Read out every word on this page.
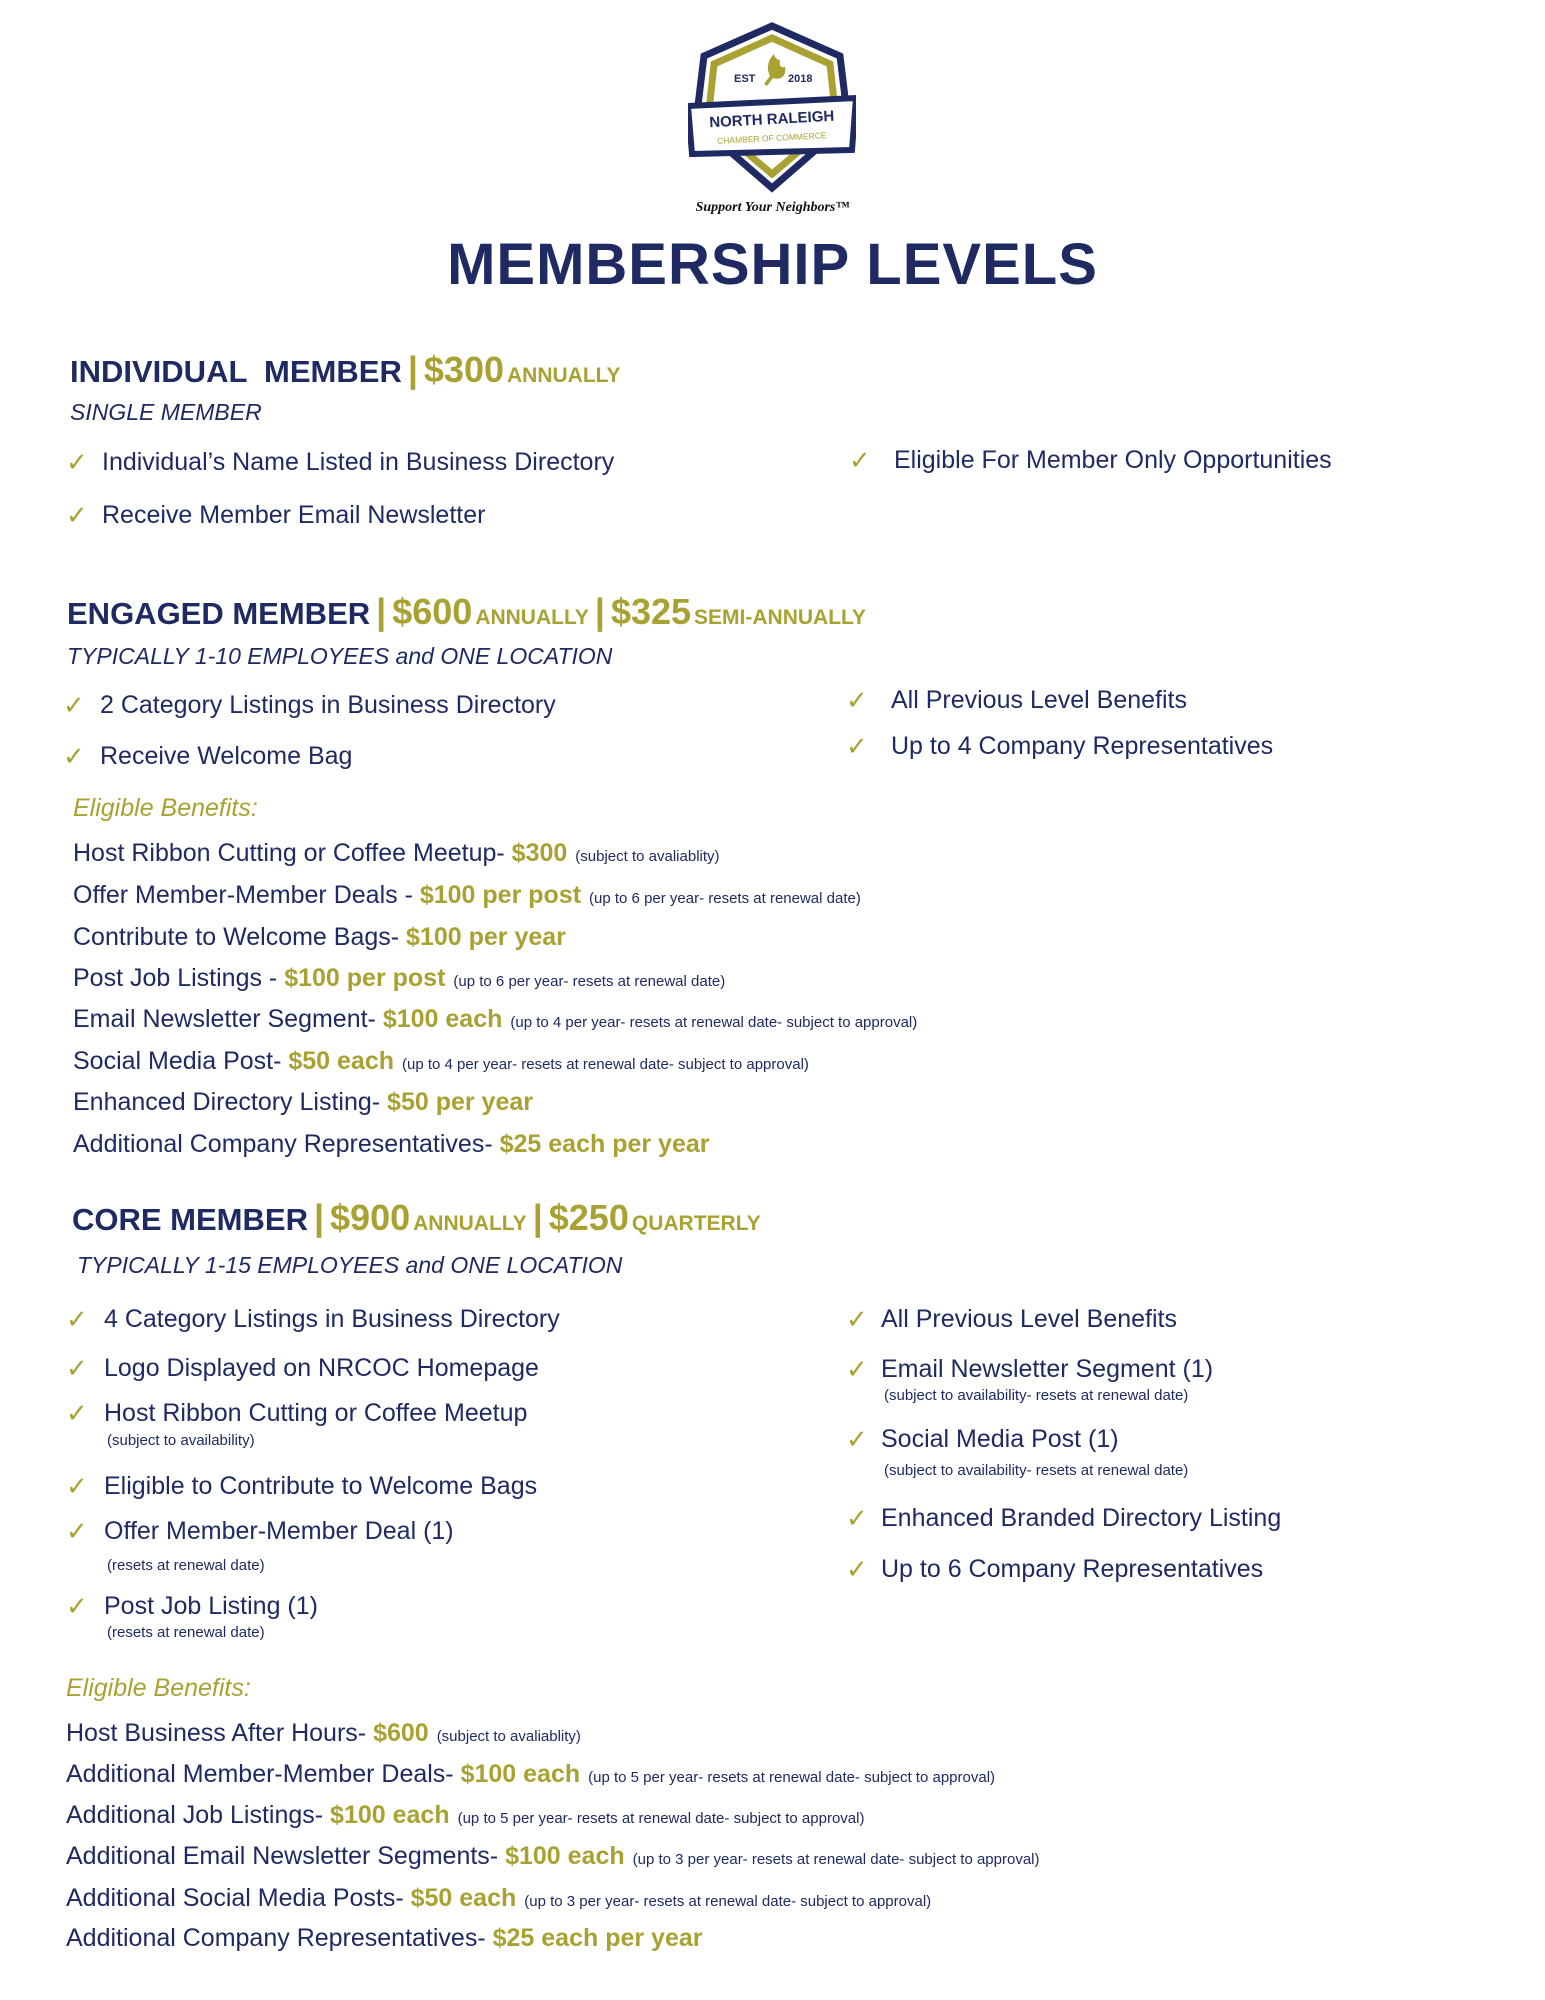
EST	2018
NORTH RALEIGH
CHAMBER OF COMMERCE
Support Your Neighbors™
MEMBERSHIP LEVELS
INDIVIDUAL  MEMBER | $300 ANNUALLY
SINGLE MEMBER
✓ Individual’s Name Listed in Business Directory
✓ Receive Member Email Newsletter
✓ Eligible For Member Only Opportunities
ENGAGED MEMBER | $600 ANNUALLY | $325 SEMI-ANNUALLY
TYPICALLY 1-10 EMPLOYEES and ONE LOCATION
✓ 2 Category Listings in Business Directory
✓ Receive Welcome Bag
✓ All Previous Level Benefits
✓ Up to 4 Company Representatives
Eligible Benefits:
Host Ribbon Cutting or Coffee Meetup- $300 (subject to avaliablity)
Offer Member-Member Deals - $100 per post (up to 6 per year- resets at renewal date)
Contribute to Welcome Bags- $100 per year
Post Job Listings - $100 per post (up to 6 per year- resets at renewal date)
Email Newsletter Segment- $100 each (up to 4 per year- resets at renewal date- subject to approval)
Social Media Post- $50 each (up to 4 per year- resets at renewal date- subject to approval)
Enhanced Directory Listing- $50 per year
Additional Company Representatives- $25 each per year
CORE MEMBER | $900 ANNUALLY | $250 QUARTERLY
TYPICALLY 1-15 EMPLOYEES and ONE LOCATION
✓ 4 Category Listings in Business Directory
✓ Logo Displayed on NRCOC Homepage
✓ Host Ribbon Cutting or Coffee Meetup
(subject to availability)
✓ Eligible to Contribute to Welcome Bags
✓ Offer Member-Member Deal (1)
(resets at renewal date)
✓ Post Job Listing (1)
(resets at renewal date)
✓ All Previous Level Benefits
✓ Email Newsletter Segment (1)
(subject to availability- resets at renewal date)
✓ Social Media Post (1)
(subject to availability- resets at renewal date)
✓ Enhanced Branded Directory Listing
✓ Up to 6 Company Representatives
Eligible Benefits:
Host Business After Hours- $600 (subject to avaliablity)
Additional Member-Member Deals- $100 each (up to 5 per year- resets at renewal date- subject to approval)
Additional Job Listings- $100 each (up to 5 per year- resets at renewal date- subject to approval)
Additional Email Newsletter Segments- $100 each (up to 3 per year- resets at renewal date- subject to approval)
Additional Social Media Posts- $50 each (up to 3 per year- resets at renewal date- subject to approval)
Additional Company Representatives- $25 each per year
